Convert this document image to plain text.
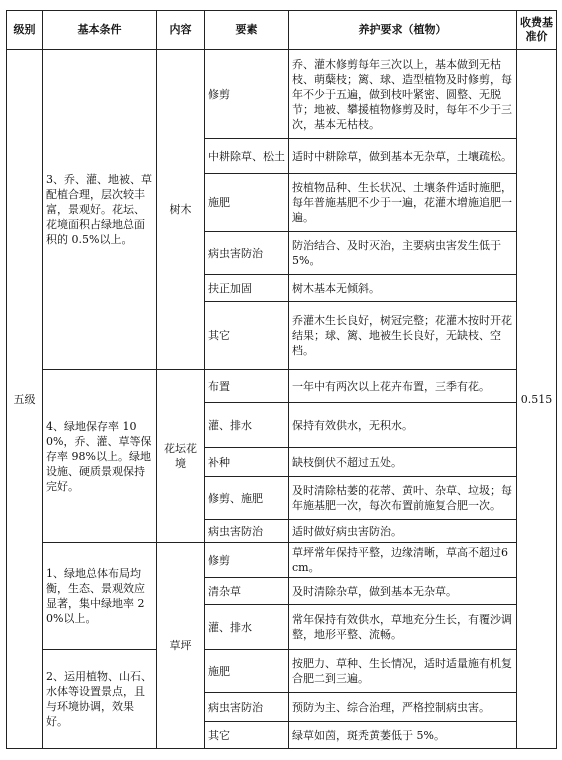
级别	基本条件	内容	要素	养护要求（植物）	收费基准价
五级	3、乔、灌、地被、草配植合理，层次较丰富，景观好。花坛、花境面积占绿地总面积的 0.5%以上。	树木	修剪	乔、灌木修剪每年三次以上，基本做到无枯枝、萌蘖枝；篱、球、造型植物及时修剪，每年不少于五遍，做到枝叶紧密、圆整、无脱节；地被、攀援植物修剪及时，每年不少于三次，基本无枯枝。	0.515
			中耕除草、松土	适时中耕除草，做到基本无杂草，土壤疏松。	
			施肥	按植物品种、生长状况、土壤条件适时施肥，每年普施基肥不少于一遍，花灌木增施追肥一遍。	
			病虫害防治	防治结合、及时灭治，主要病虫害发生低于 5%。	
			扶正加固	树木基本无倾斜。	
			其它	乔灌木生长良好，树冠完整；花灌木按时开花结果；球、篱、地被生长良好，无缺枝、空档。	
	4、绿地保存率 100%，乔、灌、草等保存率 98%以上。绿地设施、硬质景观保持完好。	花坛花境	布置	一年中有两次以上花卉布置，三季有花。	
			灌、排水	保持有效供水，无积水。	
			补种	缺枝倒伏不超过五处。	
			修剪、施肥	及时清除枯萎的花蒂、黄叶、杂草、垃圾；每年施基肥一次，每次布置前施复合肥一次。	
			病虫害防治	适时做好病虫害防治。	
	1、绿地总体布局均衡，生态、景观效应显著，集中绿地率 20%以上。	草坪	修剪	草坪常年保持平整，边缘清晰，草高不超过6cm。	
			清杂草	及时清除杂草，做到基本无杂草。	
			灌、排水	常年保持有效供水，草地充分生长，有覆沙调整，地形平整、流畅。	
	2、运用植物、山石、水体等设置景点，且与环境协调，效果好。		施肥	按肥力、草种、生长情况，适时适量施有机复合肥二到三遍。	
			病虫害防治	预防为主、综合治理，严格控制病虫害。	
			其它	绿草如茵，斑秃黄萎低于 5%。	
